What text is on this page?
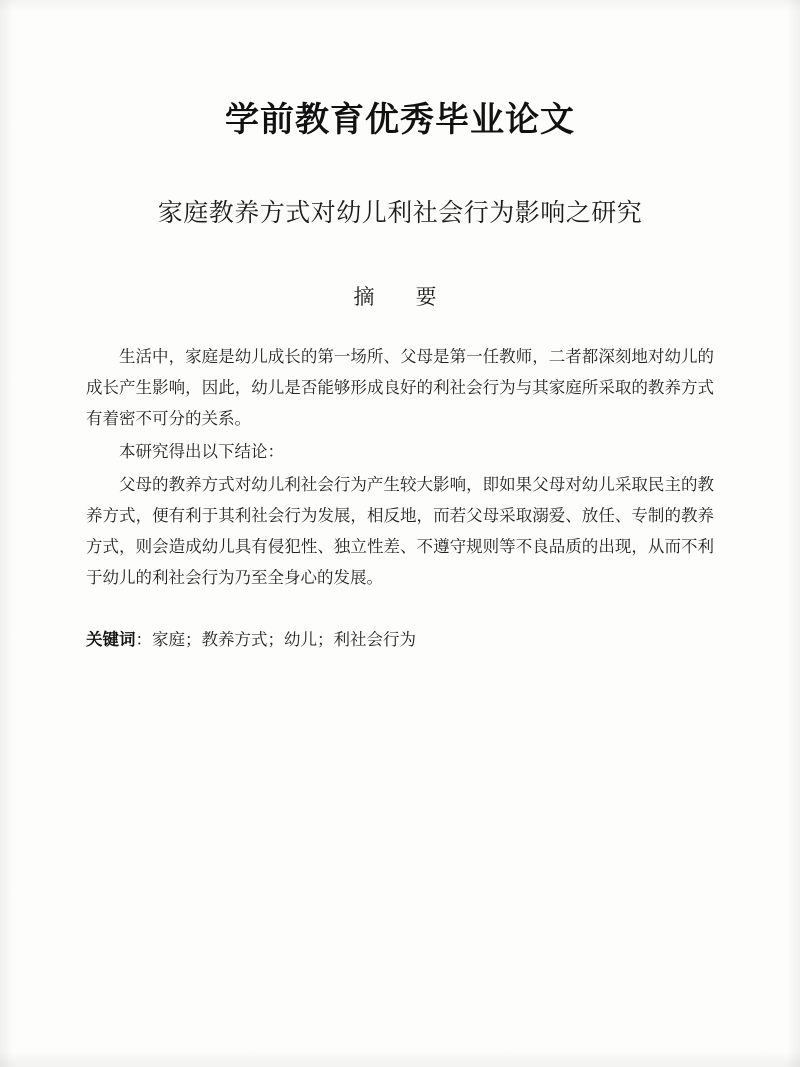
学前教育优秀毕业论文
家庭教养方式对幼儿利社会行为影响之研究
摘　要

生活中，家庭是幼儿成长的第一场所、父母是第一任教师，二者都深刻地对幼儿的成长产生影响，因此，幼儿是否能够形成良好的利社会行为与其家庭所采取的教养方式有着密不可分的关系。

本研究得出以下结论：

父母的教养方式对幼儿利社会行为产生较大影响，即如果父母对幼儿采取民主的教养方式，便有利于其利社会行为发展，相反地，而若父母采取溺爱、放任、专制的教养方式，则会造成幼儿具有侵犯性、独立性差、不遵守规则等不良品质的出现，从而不利于幼儿的利社会行为乃至全身心的发展。

关键词：家庭；教养方式；幼儿；利社会行为
